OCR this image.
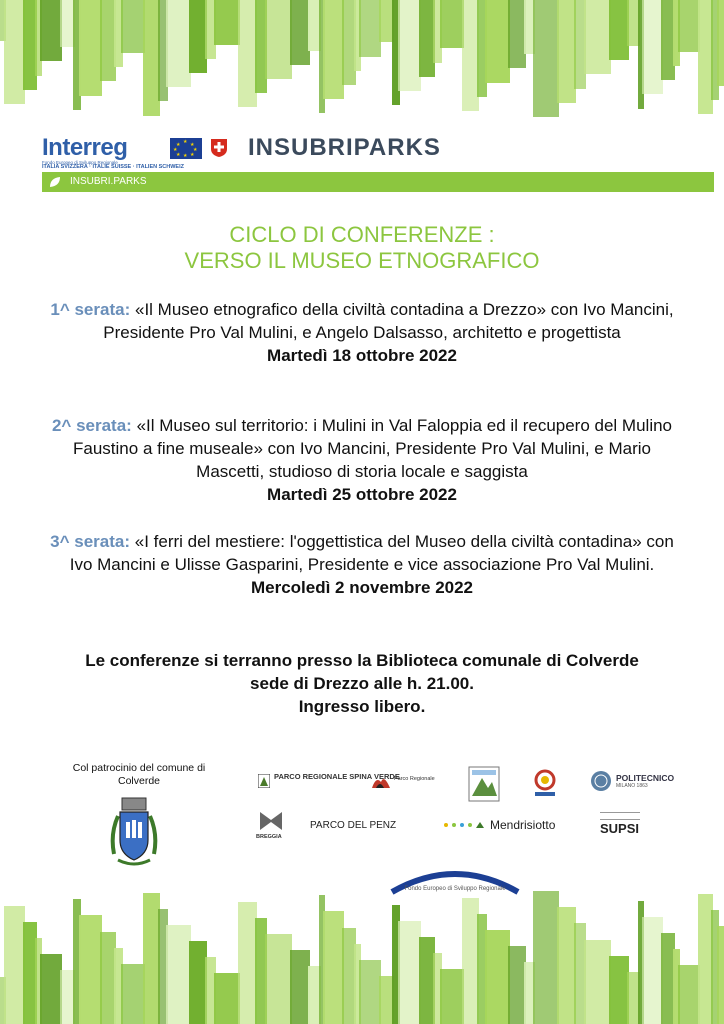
Interreg
Fondo Europeo di Sviluppo Regionale
ITALIA SVIZZERA · ITALIE SUISSE · ITALIEN SCHWEIZ
★
★ ★
★	★
★ ★
★	INSUBRIPARKS
INSUBRI.PARKS
CICLO DI CONFERENZE :
VERSO IL MUSEO ETNOGRAFICO
1^ serata: «Il Museo etnografico della civiltà contadina a Drezzo» con Ivo Mancini, Presidente Pro Val Mulini, e Angelo Dalsasso, architetto e progettista
Martedì 18 ottobre 2022
2^ serata: «Il Museo sul territorio: i Mulini in Val Faloppia ed il recupero del Mulino Faustino a fine museale» con Ivo Mancini, Presidente Pro Val Mulini, e Mario Mascetti, studioso di storia locale e saggista
Martedì 25 ottobre 2022
3^ serata: «I ferri del mestiere: l'oggettistica del Museo della civiltà contadina» con Ivo Mancini e Ulisse Gasparini, Presidente e vice associazione Pro Val Mulini.
Mercoledì 2 novembre 2022
Le conferenze si terranno presso la Biblioteca comunale di Colverde
sede di Drezzo alle h. 21.00.
Ingresso libero.
Col patrocinio del comune di Colverde	PARCO REGIONALE SPINA VERDE
Parco Regionale	POLITECNICO
MILANO 1863
BREGGIA
PARCO DEL PENZ	Mendrisiotto	SUPSI
Fondo Europeo di Sviluppo Regionale
